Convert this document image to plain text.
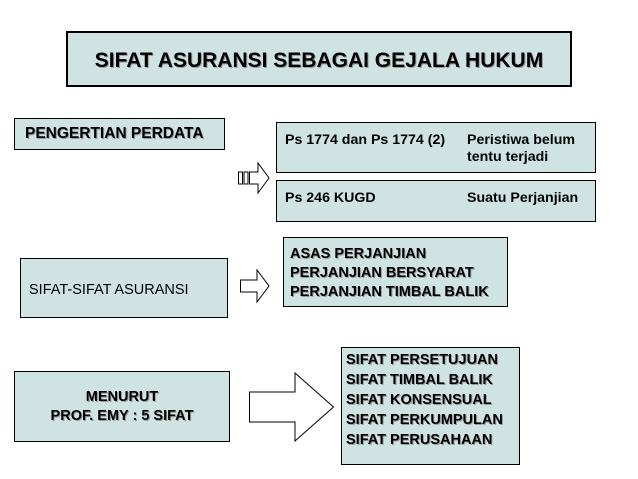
SIFAT ASURANSI SEBAGAI GEJALA HUKUM
PENGERTIAN PERDATA	Ps 1774 dan Ps 1774 (2) Peristiwa belum
tentu terjadi
Ps 246 KUGD	Suatu Perjanjian
SIFAT-SIFAT ASURANSI
ASAS PERJANJIAN
PERJANJIAN BERSYARAT
PERJANJIAN TIMBAL BALIK
MENURUT
PROF. EMY : 5 SIFAT
SIFAT PERSETUJUAN
SIFAT TIMBAL BALIK
SIFAT KONSENSUAL
SIFAT PERKUMPULAN
SIFAT PERUSAHAAN
